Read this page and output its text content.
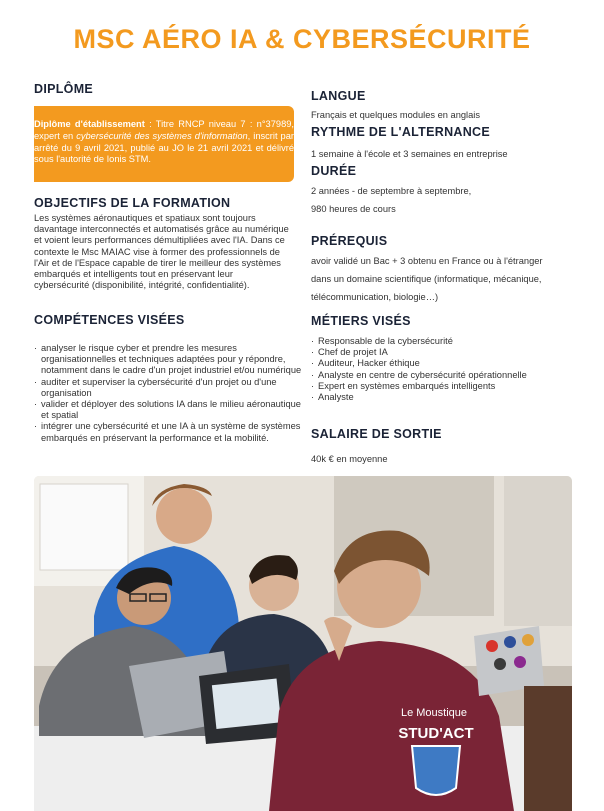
MSC AÉRO IA & CYBERSÉCURITÉ
DIPLÔME
Diplôme d'établissement : Titre RNCP niveau 7 : n°37989, expert en cybersécurité des systèmes d'information, inscrit par arrêté du 9 avril 2021, publié au JO le 21 avril 2021 et délivré sous l'autorité de Ionis STM.
OBJECTIFS DE LA FORMATION
Les systèmes aéronautiques et spatiaux sont toujours davantage interconnectés et automatisés grâce au numérique et voient leurs performances démultipliées avec l'IA. Dans ce contexte le Msc MAIAC vise à former des professionnels de l'Air et de l'Espace capable de tirer le meilleur des systèmes embarqués et intelligents tout en préservant leur cybersécurité (disponibilité, intégrité, confidentialité).
COMPÉTENCES VISÉES
· analyser le risque cyber et prendre les mesures organisationnelles et techniques adaptées pour y répondre, notamment dans le cadre d'un projet industriel et/ou numérique
· auditer et superviser la cybersécurité d'un projet ou d'une organisation
· valider et déployer des solutions IA dans le milieu aéronautique et spatial
· intégrer une cybersécurité et une IA à un système de systèmes embarqués en préservant la performance et la mobilité.
LANGUE
Français et quelques modules en anglais
RYTHME DE L'ALTERNANCE
1 semaine à l'école et 3 semaines en entreprise
DURÉE
2 années - de septembre à septembre,
980 heures de cours
PRÉREQUIS
avoir validé un Bac + 3 obtenu en France ou à l'étranger
dans un domaine scientifique (informatique, mécanique,
télécommunication, biologie…)
MÉTIERS VISÉS
· Responsable de la cybersécurité
· Chef de projet IA
· Auditeur, Hacker éthique
· Analyste en centre de cybersécurité opérationnelle
· Expert en systèmes embarqués intelligents
· Analyste
SALAIRE DE SORTIE
40k € en moyenne
Le Moustique
STUD'ACT
